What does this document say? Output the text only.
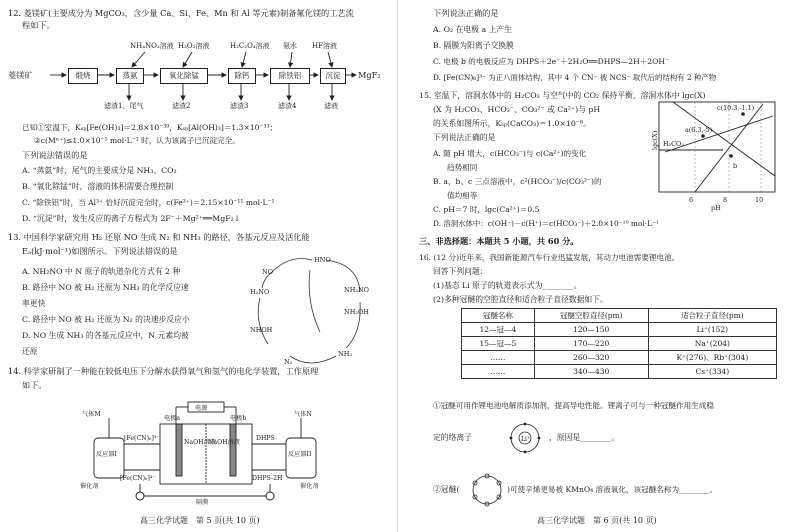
12. 菱镁矿(主要成分为 MgCO₃，含少量 Ca、Si、Fe、Mn 和 Al 等元素)制备氟化镁的工艺流
程如下。
NH₄NO₃溶液 H₂O₂溶液	H₂C₂O₄溶液 氨水 HF溶液
菱镁矿	煅烧	蒸氨	氧化除锰	除钙	除铁铝	沉淀	MgF₂
滤渣1、尾气	滤渣2	滤渣3	滤渣4	滤液
已知①室温下，Kₛₚ[Fe(OH)₃]＝2.8×10⁻³⁹，Kₛₚ[Al(OH)₃]＝1.3×10⁻³³；
②c(Mⁿ⁺)≤1.0×10⁻⁵ mol·L⁻¹ 时，认为该离子已沉淀完全。
下列说法错误的是
A. “蒸氨”时，尾气的主要成分是 NH₃、CO₂
B. “氧化除锰”时，溶液的体积需要合理控制
C. “除铁铝”时，当 Al³⁺ 恰好沉淀完全时，c(Fe³⁺)＝2.15×10⁻¹¹ mol·L⁻¹
D. “沉淀”时，发生反应的离子方程式为 2F⁻＋Mg²⁺══MgF₂↓
13. 中国科学家研究用 H₂ 还原 NO 生成 N₂ 和 NH₃ 的路径，各基元反应及活化能
Eₐ(kJ·mol⁻¹)如图所示。下列说法错误的是
A. NH₂NO 中 N 原子的轨道杂化方式有 2 种
B. 路径中 NO 被 H₂ 还原为 NH₃ 的化学反应速
率更快
C. 路径中 NO 被 H₂ 还原为 N₂ 的决速步反应小
D. NO 生成 NH₃ 的各基元反应中，N 元素均被
还原
HNO
NO
H₂NO
NHOH
NH₂OH
N₂
NH₃
NH₂NO
14. 科学家研制了一种能在较低电压下分解水获得氧气和氢气的电化学装置，工作原理
如下。
电源
电极a	电极b
气体M	气体N
反应器I	反应器II
[Fe(CN)₆]³⁻
[Fe(CN)₆]⁴⁻
NaOH溶液
NaOH溶液
DHPS
DHPS-2H
催化剂	催化剂
隔膜
高三化学试题　第 5 页(共 10 页)
下列说法正确的是
A. O₂ 在电极 a 上产生
B. 隔膜为阳离子交换膜
C. 电极 b 的电极反应为 DHPS＋2e⁻＋2H₂O══DHPS—2H＋2OH⁻
D. [Fe(CN)₆]³⁻ 为正八面体结构，其中 4 个 CN⁻ 被 NCS⁻ 取代后的结构有 2 种产物
15. 室温下，溶洞水体中的 H₂CO₃ 与空气中的 CO₂ 保持平衡，溶洞水体中 lgc(X)
(X 为 H₂CO₃、HCO₃⁻、CO₃²⁻ 或 Ca²⁺)与 pH
的关系如图所示，Kₛₚ(CaCO₃)＝1.0×10⁻⁸。
下列说法正确的是
A. 随 pH 增大，c(HCO₃⁻)与 c(Ca²⁺)的变化
趋势相同
B. a、b、c 三点溶液中，c²(HCO₃⁻)/c(CO₃²⁻)的
值均相等
C. pH＝7 时，lgc(Ca²⁺)＝0.5
D. 溶洞水体中：c(OH⁻)－c(H⁺)＝c(HCO₃⁻)＋2.0×10⁻¹⁰ mol·L⁻¹
c(10.3,-1.1)
a(6.3,-5)
H₂CO₃
b
6	8	10
pH
lgc(X)
三、非选择题：本题共 5 小题，共 60 分。
16. (12 分)近年来，我国新能源汽车行业迅猛发展，其动力电池需要锂电池。
回答下列问题：
(1)基态 Li 原子的轨道表示式为________。
(2)多种冠醚的空腔直径和适合粒子直径数据如下。
冠醚名称	冠醚空腔直径(pm)	适合粒子直径(pm)
12—冠—4	120—150	Li⁺(152)
15—冠—5	170—220	Na⁺(204)
……	260—320	K⁺(276)、Rb⁺(304)
……	340—430	Cs⁺(334)
①冠醚可用作锂电池电解质添加剂，提高导电性能。锂离子可与一种冠醚作用生成稳
定的络离子	Li⁺ ，原因是________。
②冠醚(	)可使辛烯更易被 KMnO₄ 溶液氧化，该冠醚名称为________。
高三化学试题　第 6 页(共 10 页)
